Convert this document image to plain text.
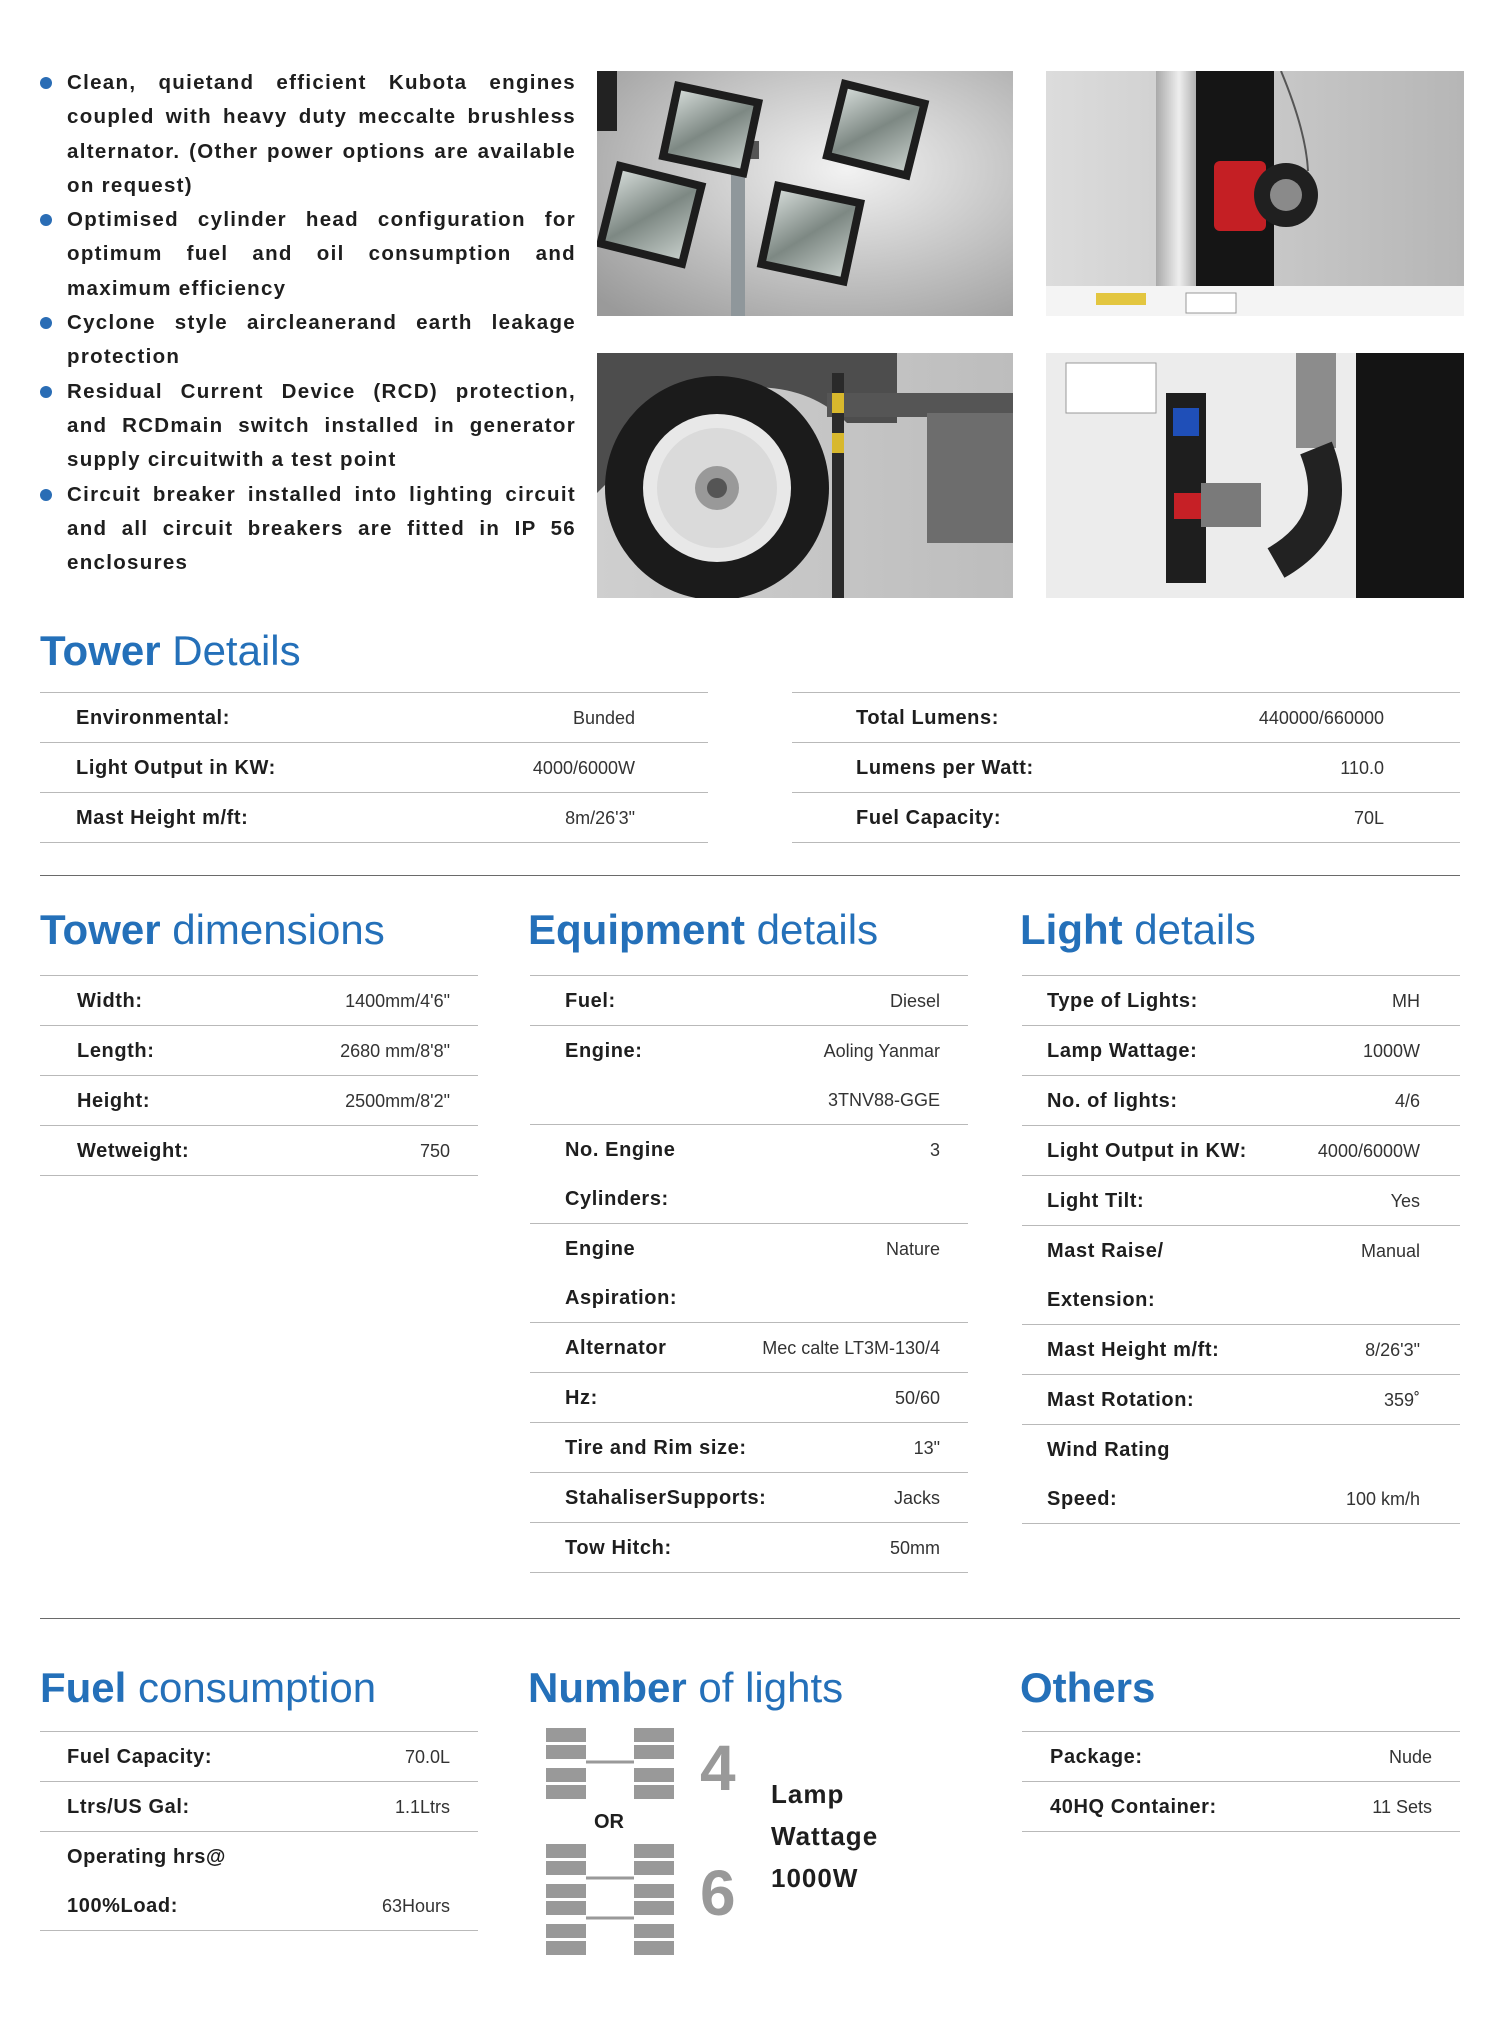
Clean, quietand efficient Kubota engines coupled with heavy duty meccalte brushless alternator. (Other power options are available on request)
Optimised cylinder head configuration for optimum fuel and oil consumption and maximum efficiency
Cyclone style aircleanerand earth leakage protection
Residual Current Device (RCD) protection, and RCDmain switch installed in generator supply circuitwith a test point
Circuit breaker installed into lighting circuit and all circuit breakers are fitted in IP 56 enclosures
Tower Details
Environmental:	Bunded
Light Output in KW:	4000/6000W
Mast Height m/ft:	8m/26'3"
Total Lumens:	440000/660000
Lumens per Watt:	110.0
Fuel Capacity:	70L
Tower dimensions
Width:	1400mm/4'6"
Length:	2680 mm/8'8"
Height:	2500mm/8'2"
Wetweight:	750
Equipment details
Fuel:	Diesel
Engine:	Aoling Yanmar
3TNV88-GGE
No. Engine	3
Cylinders:
Engine	Nature
Aspiration:
Alternator	Mec calte LT3M-130/4
Hz:	50/60
Tire and Rim size:	13"
StahaliserSupports:	Jacks
Tow Hitch:	50mm
Light details
Type of Lights:	MH
Lamp Wattage:	1000W
No. of lights:	4/6
Light Output in KW:	4000/6000W
Light Tilt:	Yes
Mast Raise/	Manual
Extension:
Mast Height m/ft:	8/26'3"
Mast Rotation:	359˚
Wind Rating
Speed:	100 km/h
Fuel consumption
Fuel Capacity:	70.0L
Ltrs/US Gal:	1.1Ltrs
Operating hrs@
100%Load:	63Hours
Number of lights
4
OR
6
Lamp
Wattage
1000W
Others
Package:	Nude
40HQ Container:	11 Sets
